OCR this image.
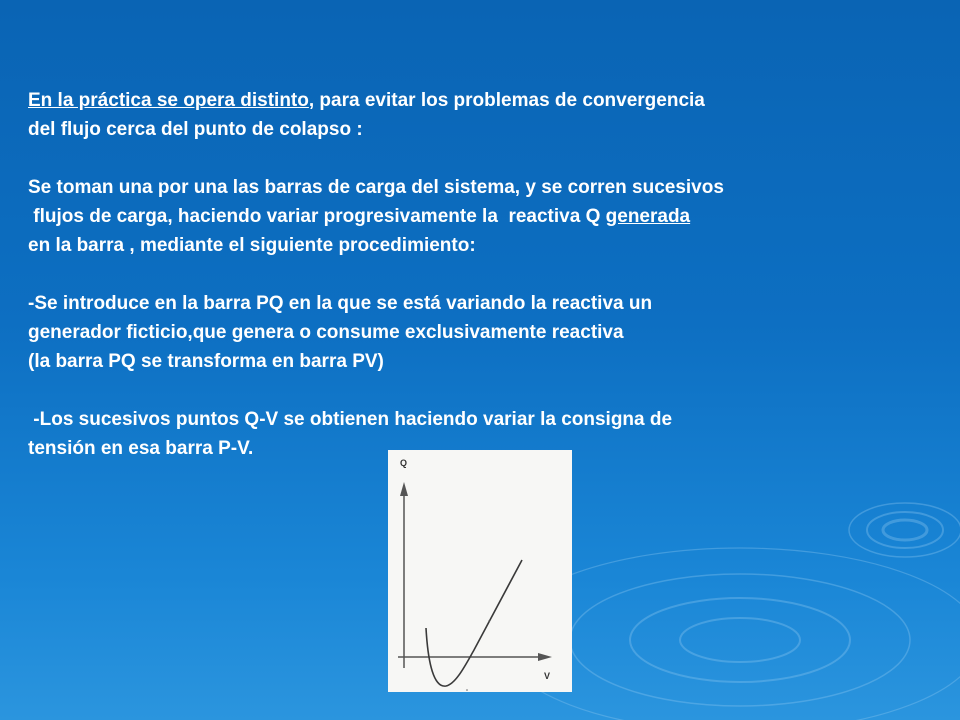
En la práctica se opera distinto, para evitar los problemas de convergencia
del flujo cerca del punto de colapso :
Se toman una por una las barras de carga del sistema, y se corren sucesivos
flujos de carga, haciendo variar progresivamente la  reactiva Q generada
en la barra , mediante el siguiente procedimiento:
-Se introduce en la barra PQ en la que se está variando la reactiva un
generador ficticio,que genera o consume exclusivamente reactiva
(la barra PQ se transforma en barra PV)
-Los sucesivos puntos Q-V se obtienen haciendo variar la consigna de
tensión en esa barra P-V.
Q
V
